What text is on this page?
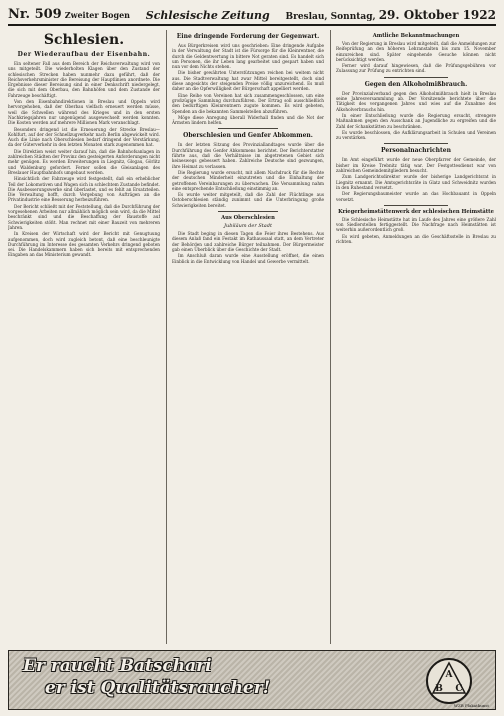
Nr. 509 Zweiter Bogen Schlesische Zeitung Breslau, Sonntag, 29. Oktober 1922
Schlesien.
Der Wiederaufbau der Eisenbahn.

Ein seltener Fall aus dem Bereich der Reichsverwaltung wird von uns mitgeteilt. Die wiederholten Klagen über den Zustand der schlesischen Strecken haben nunmehr dazu geführt, daß der Reichsverkehrsminister die Bereisung der Hauptlinien anordnete. Die Ergebnisse dieser Bereisung sind in einer Denkschrift niedergelegt, die sich mit dem Oberbau, den Bahnhöfen und dem Zustande der Fahrzeuge beschäftigt.

Von den Eisenbahndirektionen in Breslau und Oppeln wird hervorgehoben, daß der Oberbau vielfach erneuert werden müsse, weil die Schwellen während des Krieges und in den ersten Nachkriegsjahren nur ungenügend ausgewechselt werden konnten. Die Kosten werden auf mehrere Millionen Mark veranschlagt.

Besonders dringend ist die Erneuerung der Strecke Breslau—Kohlfurt, auf der der Schnellzugverkehr nach Berlin abgewickelt wird. Auch die Linie nach Oberschlesien bedarf dringend der Verstärkung, da der Güterverkehr in den letzten Monaten stark zugenommen hat.

Die Direktion weist weiter darauf hin, daß die Bahnhofsanlagen in zahlreichen Städten der Provinz den gesteigerten Anforderungen nicht mehr genügen. Es werden Erweiterungen in Liegnitz, Glogau, Görlitz und Waldenburg gefordert. Ferner sollen die Gleisanlagen des Breslauer Hauptbahnhofs umgebaut werden.

Hinsichtlich der Fahrzeuge wird festgestellt, daß ein erheblicher Teil der Lokomotiven und Wagen sich in schlechtem Zustande befindet. Die Ausbesserungswerke sind überlastet, und es fehlt an Ersatzteilen. Die Verwaltung hofft, durch Vergebung von Aufträgen an die Privatindustrie eine Besserung herbeizuführen.

Der Bericht schließt mit der Feststellung, daß die Durchführung der vorgesehenen Arbeiten nur allmählich möglich sein wird, da die Mittel beschränkt sind und die Beschaffung der Baustoffe auf Schwierigkeiten stößt. Man rechnet mit einer Bauzeit von mehreren Jahren.

In Kreisen der Wirtschaft wird der Bericht mit Genugtuung aufgenommen, doch wird zugleich betont, daß eine beschleunigte Durchführung im Interesse des gesamten Verkehrs dringend geboten sei. Die Handelskammern haben sich bereits mit entsprechenden Eingaben an das Ministerium gewandt.

Eine dringende Forderung der Gegenwart.

Aus Bürgerkreisen wird uns geschrieben: Eine dringende Aufgabe in der Verwaltung der Stadt ist die Fürsorge für die Kleinrentner, die durch die Geldentwertung in bittere Not geraten sind. Es handelt sich um Personen, die ihr Leben lang gearbeitet und gespart haben und nun vor dem Nichts stehen.

Die bisher gewährten Unterstützungen reichen bei weitem nicht aus. Die Stadtverwaltung hat zwar Mittel bereitgestellt, doch sind diese angesichts der steigenden Preise völlig unzureichend. Es muß daher an die Opferwilligkeit der Bürgerschaft appelliert werden.

Eine Reihe von Vereinen hat sich zusammengeschlossen, um eine großzügige Sammlung durchzuführen. Der Ertrag soll ausschließlich den bedürftigen Kleinrentnern zugute kommen. Es wird gebeten, Spenden an die bekannten Sammelstellen abzuführen.

Möge diese Anregung überall Widerhall finden und die Not der Ärmsten lindern helfen.

Oberschlesien und Genfer Abkommen.

In der letzten Sitzung des Provinziallandtages wurde über die Durchführung des Genfer Abkommens berichtet. Der Berichterstatter führte aus, daß die Verhältnisse im abgetretenen Gebiet sich keineswegs gebessert haben. Zahlreiche Deutsche sind gezwungen, ihre Heimat zu verlassen.

Die Regierung wurde ersucht, mit allem Nachdruck für die Rechte der deutschen Minderheit einzutreten und die Einhaltung der getroffenen Vereinbarungen zu überwachen. Die Versammlung nahm eine entsprechende Entschließung einstimmig an.

Es wurde weiter mitgeteilt, daß die Zahl der Flüchtlinge aus Ostoberschlesien ständig zunimmt und die Unterbringung große Schwierigkeiten bereitet.

Aus Oberschlesien
Jubiläum der Stadt

Die Stadt beging in diesen Tagen die Feier ihres Bestehens. Aus diesem Anlaß fand ein Festakt im Rathaussaal statt, an dem Vertreter der Behörden und zahlreiche Bürger teilnahmen. Der Bürgermeister gab einen Überblick über die Geschichte der Stadt.

Im Anschluß daran wurde eine Ausstellung eröffnet, die einen Einblick in die Entwicklung von Handel und Gewerbe vermittelt.

Amtliche Bekanntmachungen

Von der Regierung in Breslau wird mitgeteilt, daß die Anmeldungen zur Reifeprüfung an den höheren Lehranstalten bis zum 15. November einzureichen sind. Später eingehende Gesuche können nicht berücksichtigt werden.

Ferner wird darauf hingewiesen, daß die Prüfungsgebühren vor Zulassung zur Prüfung zu entrichten sind.

Gegen den Alkoholmißbrauch.

Der Provinzialverband gegen den Alkoholmißbrauch hielt in Breslau seine Jahresversammlung ab. Der Vorsitzende berichtete über die Tätigkeit des vergangenen Jahres und wies auf die Zunahme des Alkoholverbrauchs hin.

In einer Entschließung wurde die Regierung ersucht, strengere Maßnahmen gegen den Ausschank an Jugendliche zu ergreifen und die Zahl der Schankstätten zu beschränken.

Es wurde beschlossen, die Aufklärungsarbeit in Schulen und Vereinen zu verstärken.

Personalnachrichten

Im Amt eingeführt wurde der neue Oberpfarrer der Gemeinde, der bisher im Kreise Trebnitz tätig war. Der Festgottesdienst war von zahlreichen Gemeindemitgliedern besucht.

Zum Landgerichtsdirektor wurde der bisherige Landgerichtsrat in Liegnitz ernannt. Die Amtsgerichtsräte in Glatz und Schweidnitz wurden in den Ruhestand versetzt.

Der Regierungsbaumeister wurde an das Hochbauamt in Oppeln versetzt.

Kriegerheimstättenwerk der schlesischen Heimstätte

Die Schlesische Heimstätte hat im Laufe des Jahres eine größere Zahl von Siedlerstellen fertiggestellt. Die Nachfrage nach Heimstätten ist weiterhin außerordentlich groß.

Es wird gebeten, Anmeldungen an die Geschäftsstelle in Breslau zu richten.

Er raucht Batschari
er ist Qualitätsraucher!
A
B C
WZB Plakatkunst
